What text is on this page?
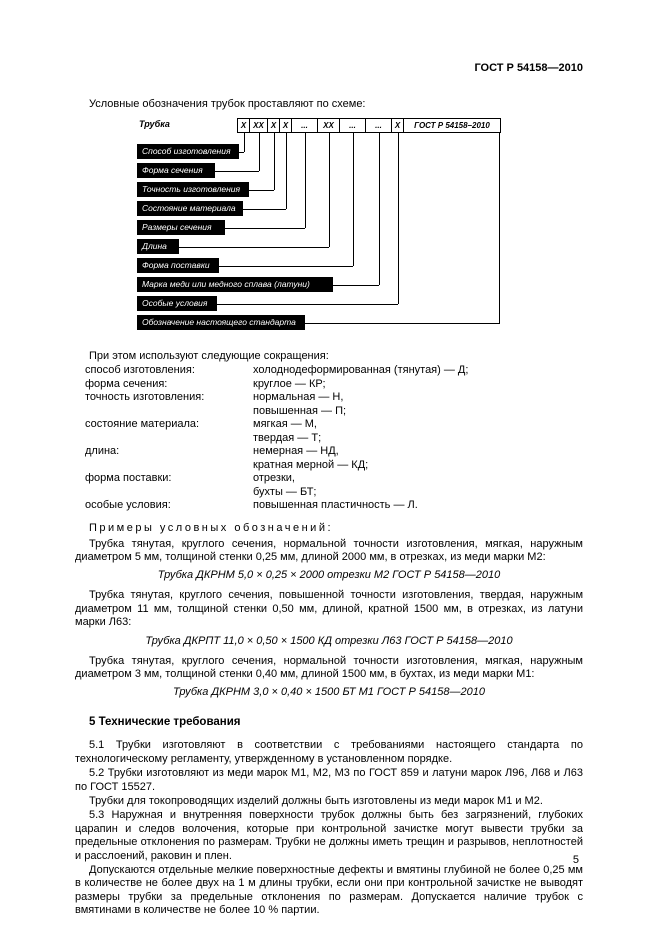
ГОСТ Р 54158—2010
Условные обозначения трубок проставляют по схеме:
Трубка	Х ХХ Х Х	...	ХХ	...	...	Х	ГОСТ Р 54158–2010
Способ изготовления
Форма сечения
Точность изготовления
Состояние материала
Размеры сечения
Длина
Форма поставки
Марка меди или медного сплава (латуни)
Особые условия
Обозначение настоящего стандарта
При этом используют следующие сокращения:
способ изготовления:	холоднодеформированная (тянутая) — Д;
форма сечения:	круглое — КР;
точность изготовления:	нормальная — Н,
повышенная — П;
состояние материала:	мягкая — М,
твердая — Т;
длина:	немерная — НД,
кратная мерной — КД;
форма поставки:	отрезки,
бухты — БТ;
особые условия:	повышенная пластичность — Л.
Примеры условных обозначений:
Трубка тянутая, круглого сечения, нормальной точности изготовления, мягкая, наружным диаметром 5 мм, толщиной стенки 0,25 мм, длиной 2000 мм, в отрезках, из меди марки М2:
Трубка ДКРНМ 5,0 × 0,25 × 2000 отрезки М2 ГОСТ Р 54158—2010
Трубка тянутая, круглого сечения, повышенной точности изготовления, твердая, наружным диаметром 11 мм, толщиной стенки 0,50 мм, длиной, кратной 1500 мм, в отрезках, из латуни марки Л63:
Трубка ДКРПТ 11,0 × 0,50 × 1500 КД отрезки Л63 ГОСТ Р 54158—2010
Трубка тянутая, круглого сечения, нормальной точности изготовления, мягкая, наружным диаметром 3 мм, толщиной стенки 0,40 мм, длиной 1500 мм, в бухтах, из меди марки М1:
Трубка ДКРНМ 3,0 × 0,40 × 1500 БТ М1 ГОСТ Р 54158—2010
5 Технические требования
5.1 Трубки изготовляют в соответствии с требованиями настоящего стандарта по технологическому регламенту, утвержденному в установленном порядке.
5.2 Трубки изготовляют из меди марок М1, М2, М3 по ГОСТ 859 и латуни марок Л96, Л68 и Л63 по ГОСТ 15527.
Трубки для токопроводящих изделий должны быть изготовлены из меди марок М1 и М2.
5.3 Наружная и внутренняя поверхности трубок должны быть без загрязнений, глубоких царапин и следов волочения, которые при контрольной зачистке могут вывести трубки за предельные отклонения по размерам. Трубки не должны иметь трещин и разрывов, неплотностей и расслоений, раковин и плен.
Допускаются отдельные мелкие поверхностные дефекты и вмятины глубиной не более 0,25 мм в количестве не более двух на 1 м длины трубки, если они при контрольной зачистке не выводят размеры трубки за предельные отклонения по размерам. Допускается наличие трубок с вмятинами в количестве не более 10 % партии.
5
